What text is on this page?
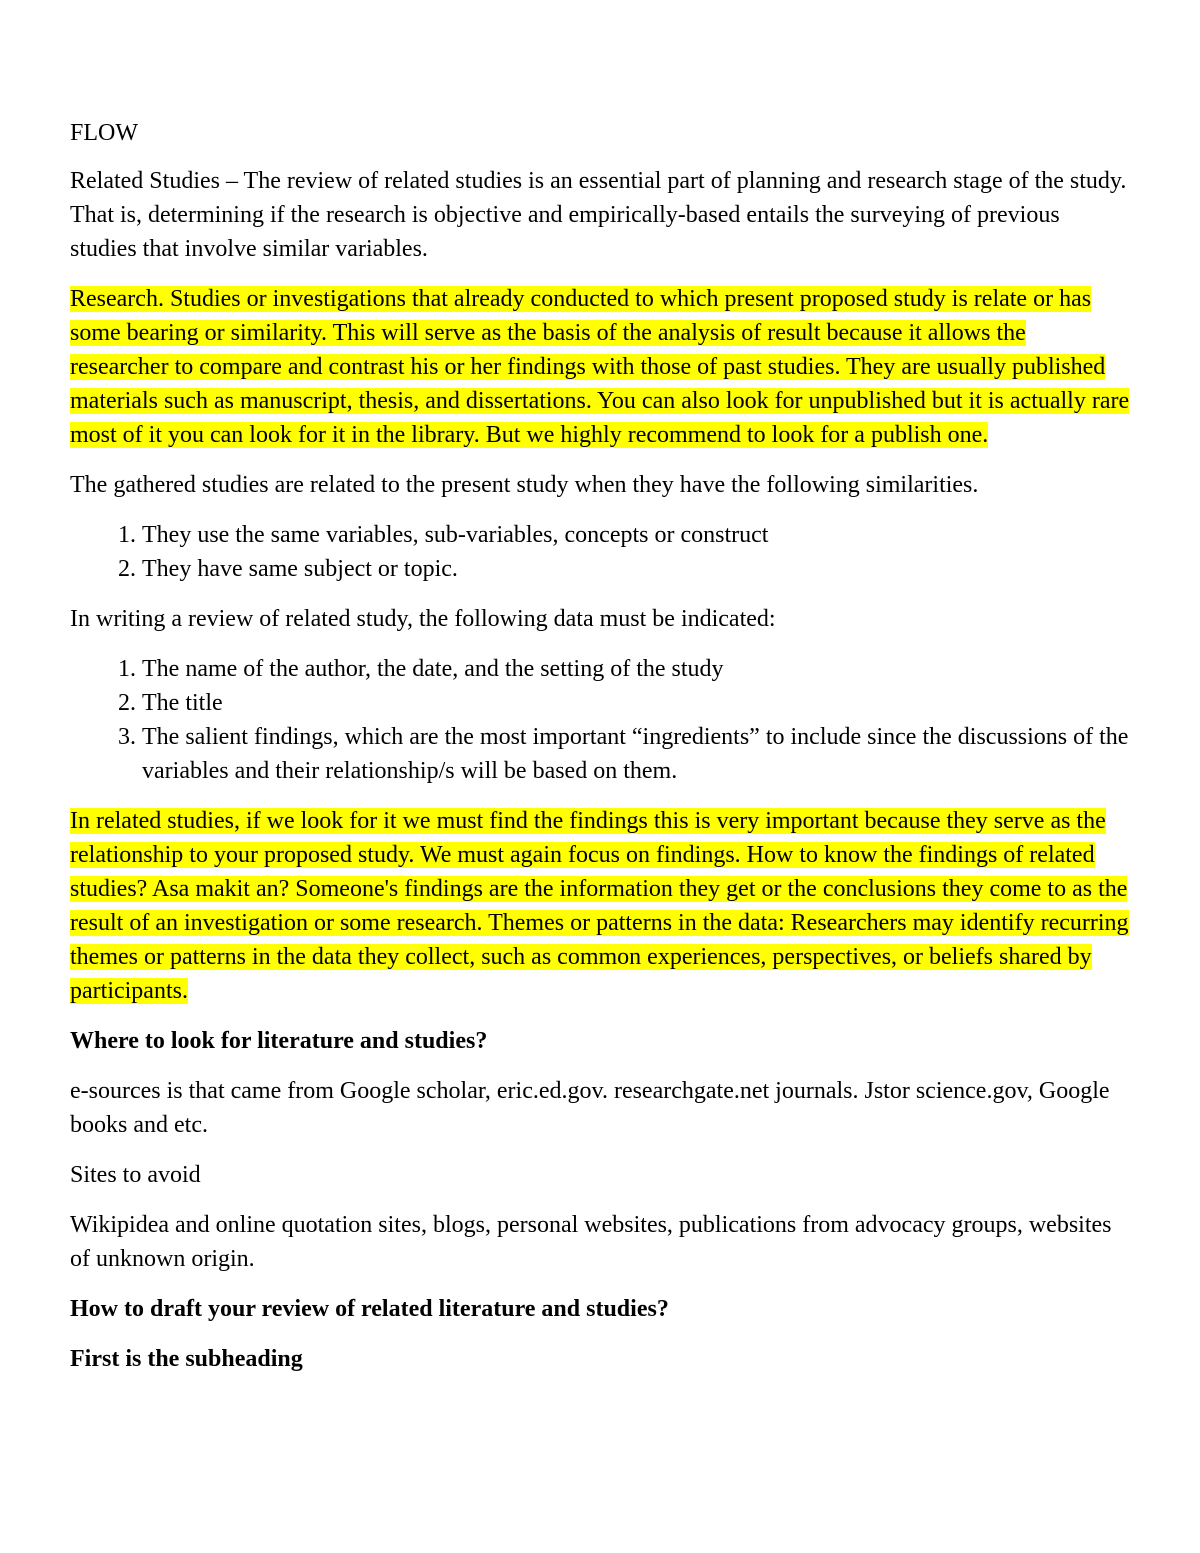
FLOW

Related Studies – The review of related studies is an essential part of planning and research stage of the study. That is, determining if the research is objective and empirically-based entails the surveying of previous studies that involve similar variables.

Research. Studies or investigations that already conducted to which present proposed study is relate or has some bearing or similarity. This will serve as the basis of the analysis of result because it allows the researcher to compare and contrast his or her findings with those of past studies. They are usually published materials such as manuscript, thesis, and dissertations. You can also look for unpublished but it is actually rare most of it you can look for it in the library. But we highly recommend to look for a publish one.

The gathered studies are related to the present study when they have the following similarities.

1. They use the same variables, sub-variables, concepts or construct
2. They have same subject or topic.

In writing a review of related study, the following data must be indicated:

1. The name of the author, the date, and the setting of the study
2. The title
3. The salient findings, which are the most important “ingredients” to include since the discussions of the variables and their relationship/s will be based on them.

In related studies, if we look for it we must find the findings this is very important because they serve as the relationship to your proposed study. We must again focus on findings. How to know the findings of related studies? Asa makit an? Someone's findings are the information they get or the conclusions they come to as the result of an investigation or some research. Themes or patterns in the data: Researchers may identify recurring themes or patterns in the data they collect, such as common experiences, perspectives, or beliefs shared by participants.

Where to look for literature and studies?

e-sources is that came from Google scholar, eric.ed.gov. researchgate.net journals. Jstor science.gov, Google books and etc.

Sites to avoid

Wikipidea and online quotation sites, blogs, personal websites, publications from advocacy groups, websites of unknown origin.

How to draft your review of related literature and studies?

First is the subheading
